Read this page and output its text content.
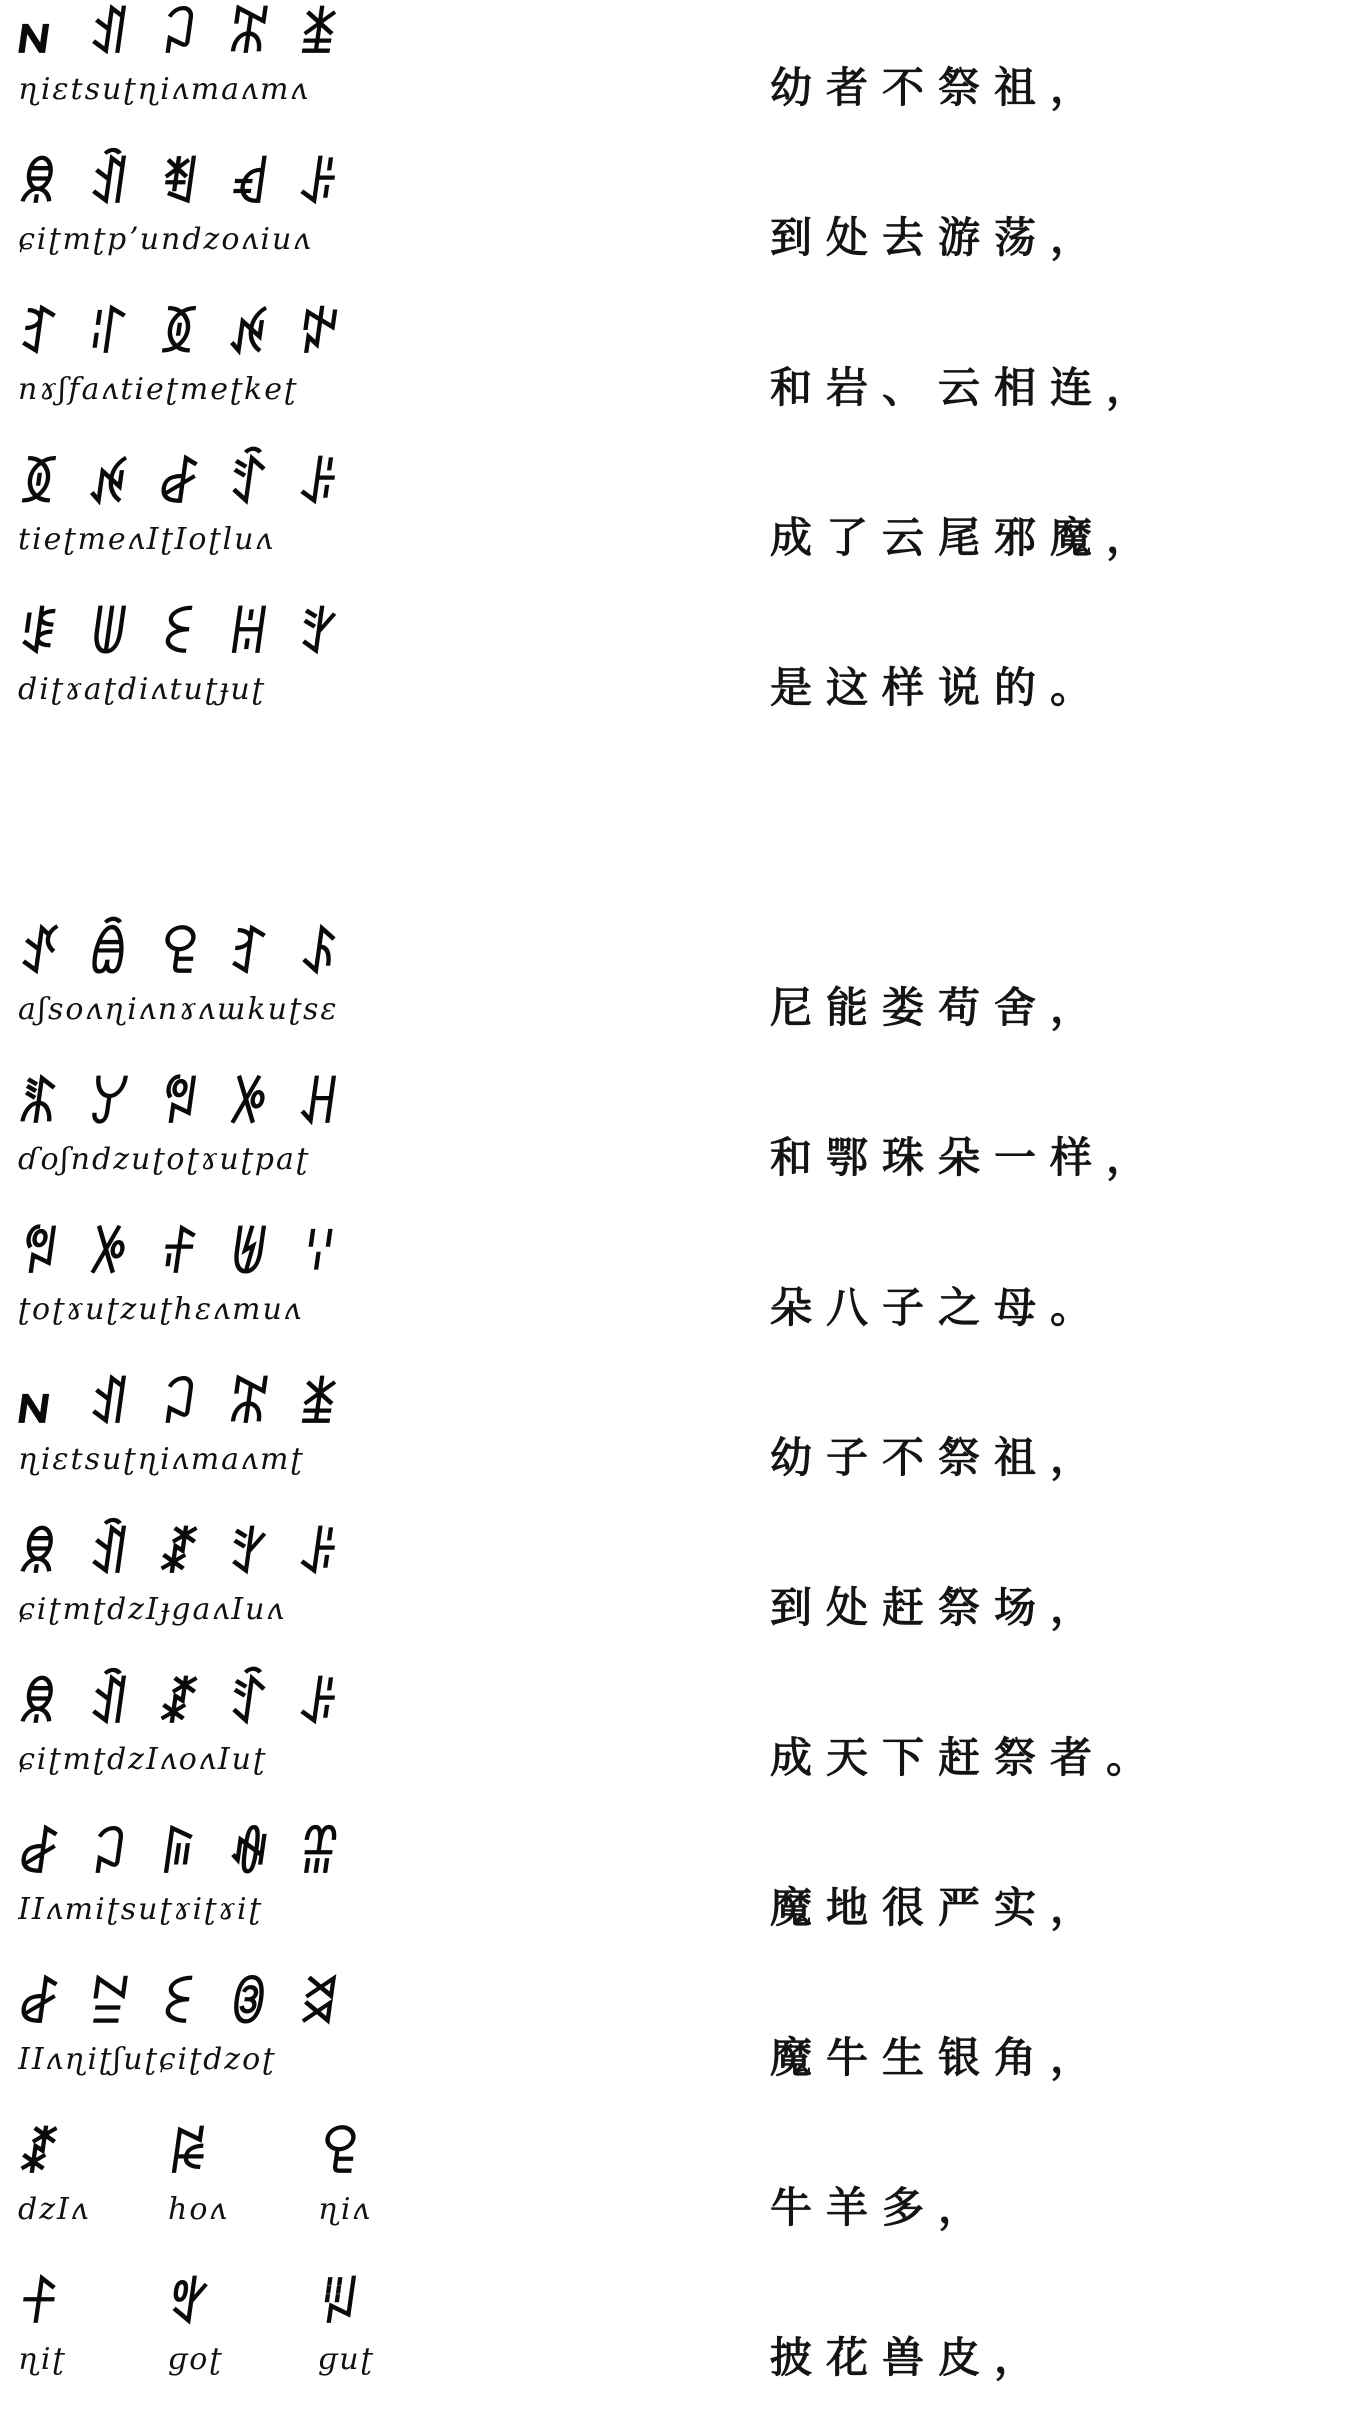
𐌽 ꀊ ꃀ ꄓ ꁧ
ɳiɛtsuʈɳiʌmaʌmʌ	幼者不祭祖，
ꌋ ꀉ ꄮ ꃹ ꌠ
ɕiʈmʈpʼundzoʌiuʌ	到处去游荡，
ꆈ ꌌ ꅉ ꉌ ꉢ
nɤʃfaʌtieʈmeʈkeʈ	和岩、云相连，
ꅉ ꉌ ꆀ ꄷ ꌠ
tieʈmeʌIʈIoʈluʌ	成了云尾邪魔，
ꌐ ꅐ ꏂ ꀍ ꇬ
diʈɤaʈdiʌtuʈɟuʈ	是这样说的。
ꀋ ꎁ ꄗ ꆈ ꌺ
aʃsoʌɳiʌnɤʌɯkuʈsɛ	尼能娄苟舍，
ꊋ ꌦ ꅝ ꉼ ꃅ
ɗoʃndzuʈoʈɤuʈpaʈ	和鄂珠朵一样，
ꅝ ꉼ ꄙ ꉅ ꈌ
ʈoʈɤuʈzuʈhɛʌmuʌ	朵八子之母。
𐌽 ꀊ ꃀ ꄓ ꁧ
ɳiɛtsuʈɳiʌmaʌmʈ	幼子不祭祖，
ꌋ ꀉ ꊨ ꇬ ꌠ
ɕiʈmʈdzIɟgaʌIuʌ	到处赶祭场，
ꌋ ꀉ ꊨ ꄷ ꌠ
ɕiʈmʈdzIʌoʌIuʈ	成天下赶祭者。
ꆀ ꃀ ꌕ ꊿ ꍅ
IIʌmiʈsuʈɤiʈɤiʈ	魔地很严实，
ꆀ ꊂ ꏂ ꋂ ꈬ
IIʌɳiʈʃuʈɕiʈdzoʈ	魔牛生银角，
ꊨ	ꀙ	ꄗ
dzIʌ	hoʌ	ɳiʌ	牛羊多，
ꊰ	ꃰ	ꂫ
ɳiʈ	ɡoʈ	ɡuʈ	披花兽皮，
